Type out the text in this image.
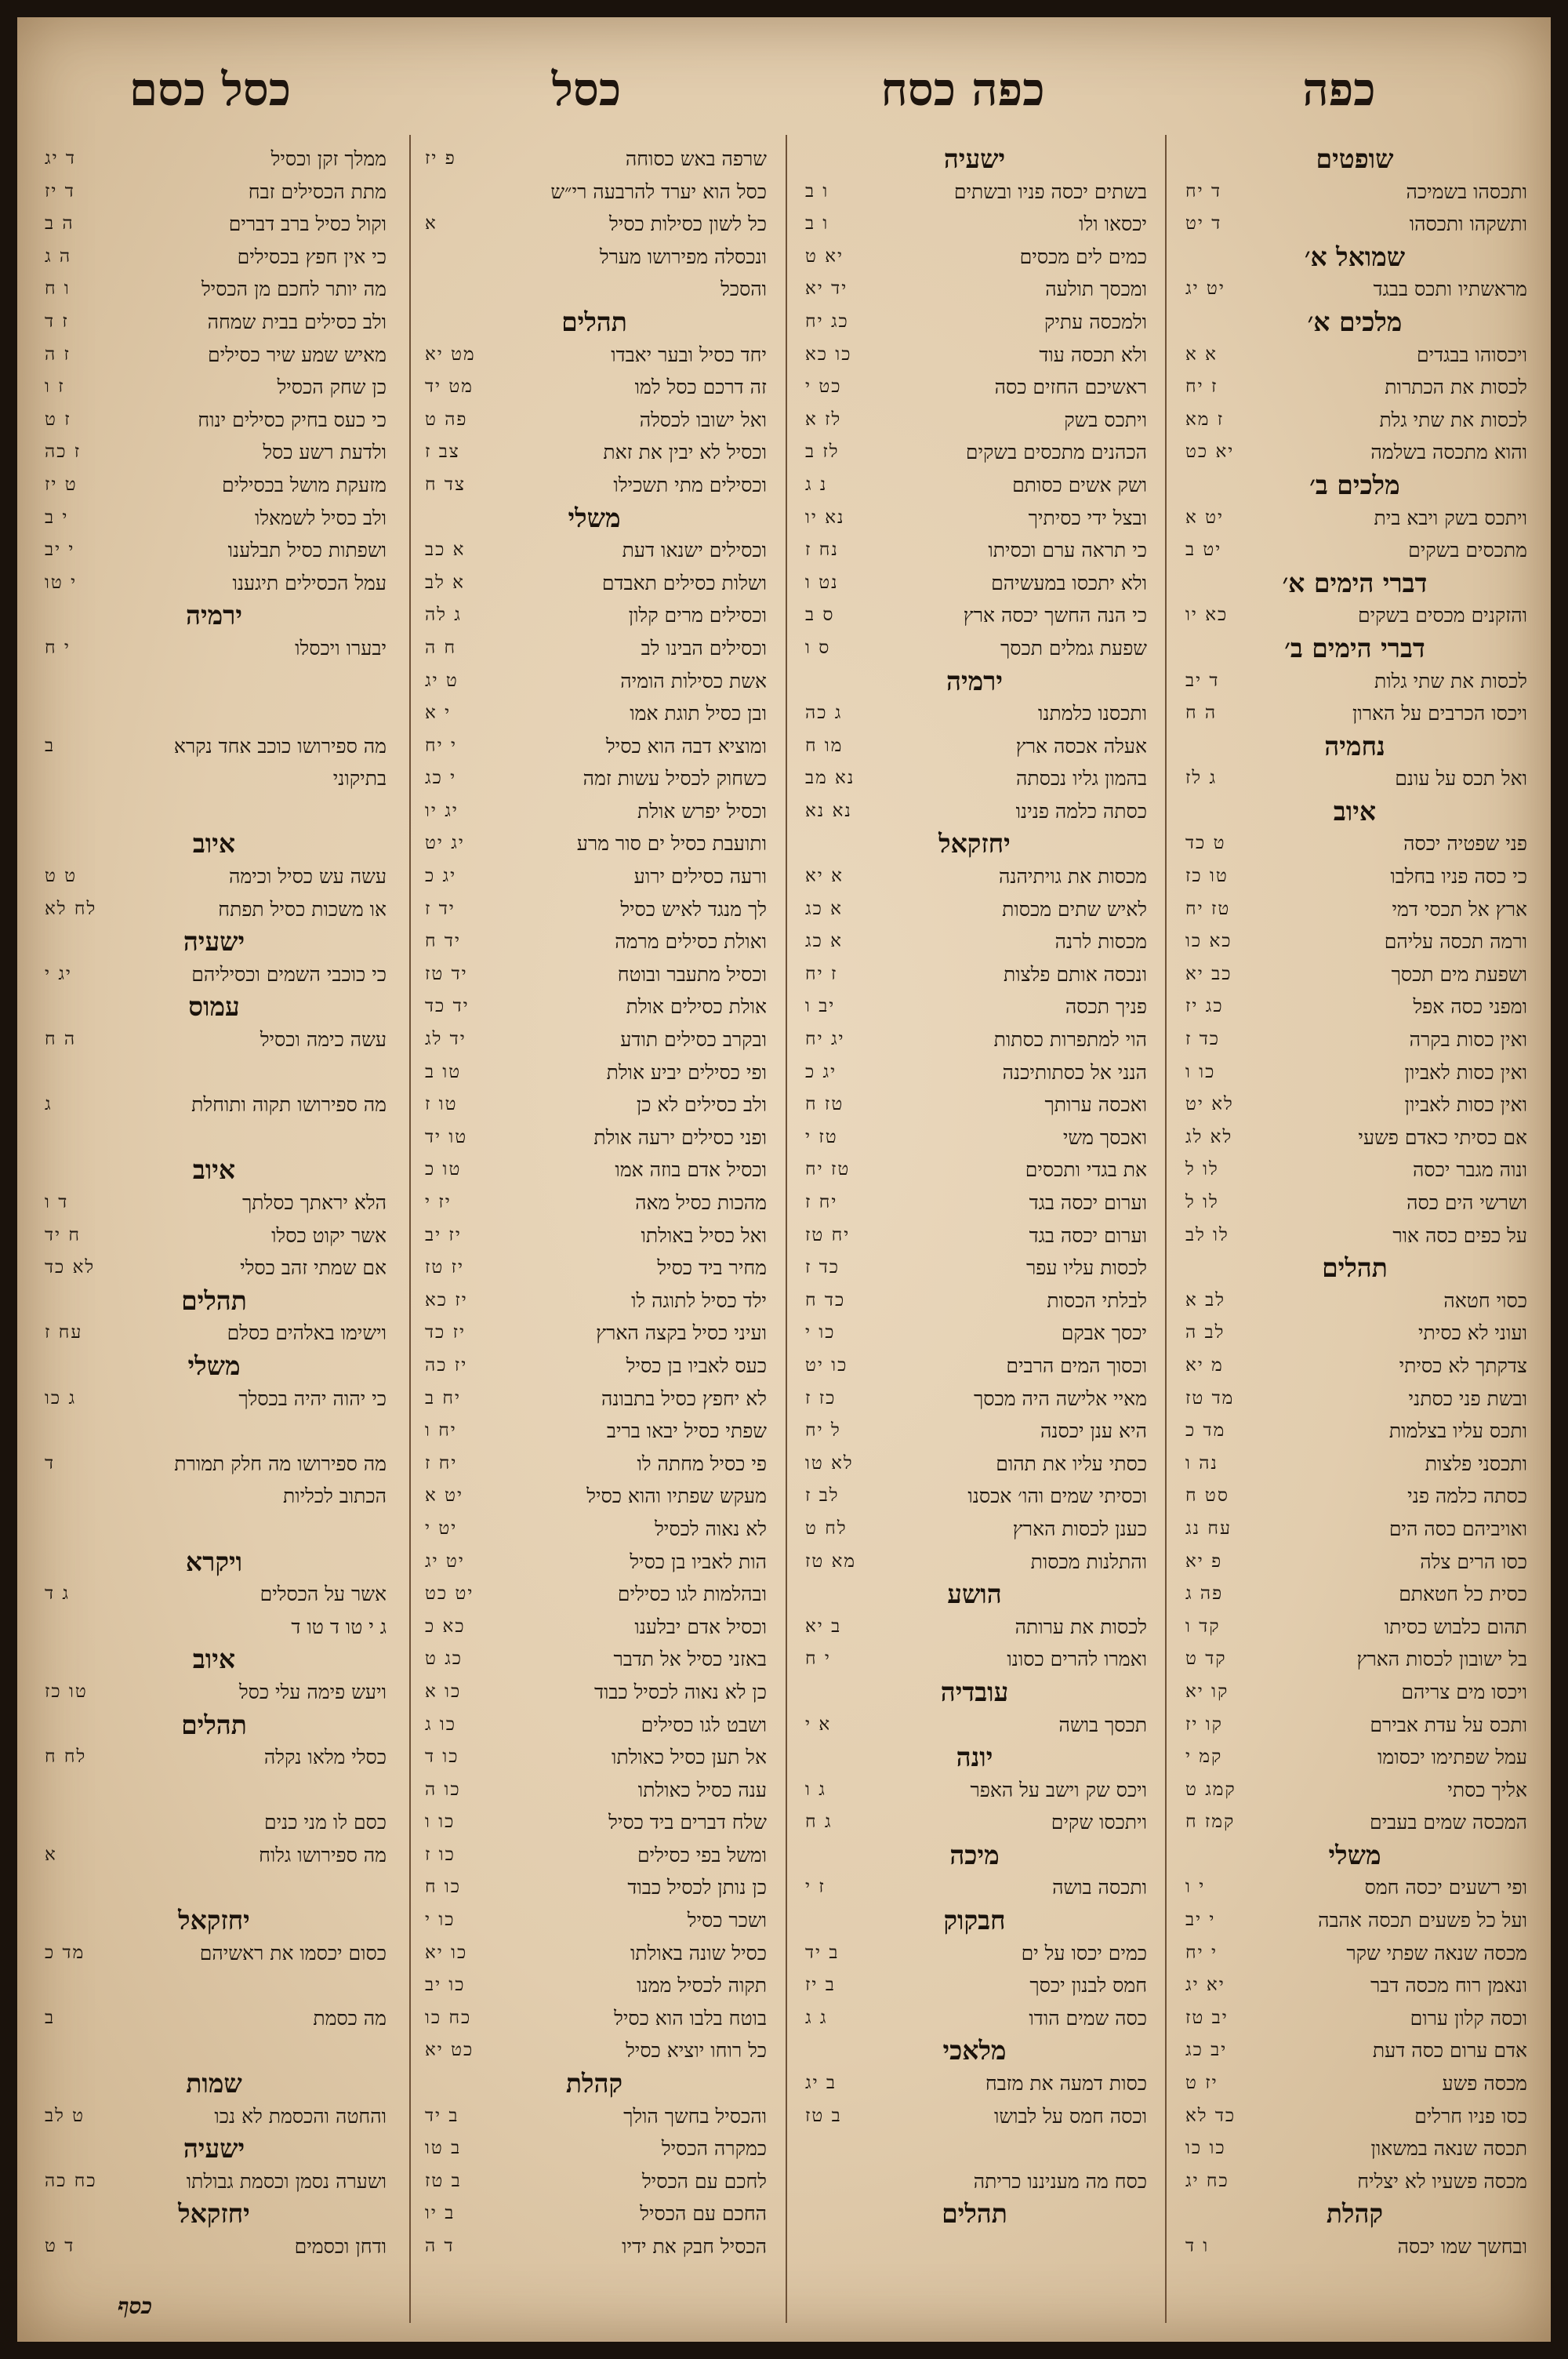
כפה
כפה כסח
כסל
כסל כסם
שופטים
ותכסהו בשמיכה
ד יח
ותשקהו ותכסהו
ד יט
שמואל א׳
מראשתיו ותכס בבגד
יט יג
מלכים א׳
ויכסוהו בבגדים
א א
לכסות את הכתרות
ז יח
לכסות את שתי גלת
ז מא
והוא מתכסה בשלמה
יא כט
מלכים ב׳
ויתכס בשק ויבא בית
יט א
מתכסים בשקים
יט ב
דברי הימים א׳
והזקנים מכסים בשקים
כא יו
דברי הימים ב׳
לכסות את שתי גלות
ד יב
ויכסו הכרבים על הארון
ה ח
נחמיה
ואל תכס על עונם
ג לז
איוב
פני שפטיה יכסה
ט כד
כי כסה פניו בחלבו
טו כז
ארץ אל תכסי דמי
טז יח
ורמה תכסה עליהם
כא כו
ושפעת מים תכסך
כב יא
ומפני כסה אפל
כג יז
ואין כסות בקרה
כד ז
ואין כסות לאביון
כו ו
ואין כסות לאביון
לא יט
אם כסיתי כאדם פשעי
לא לג
ונוה מגבר יכסה
לו ל
ושרשי הים כסה
לו ל
על כפים כסה אור
לו לב
תהלים
כסוי חטאה
לב א
ועוני לא כסיתי
לב ה
צדקתך לא כסיתי
מ יא
ובשת פני כסתני
מד טז
ותכס עליו בצלמות
מד כ
ותכסני פלצות
נה ו
כסתה כלמה פני
סט ח
ואויביהם כסה הים
עח נג
כסו הרים צלה
פ יא
כסית כל חטאתם
פה ג
תהום כלבוש כסיתו
קד ו
בל ישובון לכסות הארץ
קד ט
ויכסו מים צריהם
קו יא
ותכס על עדת אבירם
קו יז
עמל שפתימו יכסומו
קמ י
אליך כסתי
קמג ט
המכסה שמים בעבים
קמז ח
משלי
ופי רשעים יכסה חמס
י ו
ועל כל פשעים תכסה אהבה
י יב
מכסה שנאה שפתי שקר
י יח
ונאמן רוח מכסה דבר
יא יג
וכסה קלון ערום
יב טז
אדם ערום כסה דעת
יב כג
מכסה פשע
יז ט
כסו פניו חרלים
כד לא
תכסה שנאה במשאון
כו כו
מכסה פשעיו לא יצליח
כח יג
קהלת
ובחשך שמו יכסה
ו ד
ישעיה
בשתים יכסה פניו ובשתים
ו ב
יכסאו ולו
ו ב
כמים לים מכסים
יא ט
ומכסך תולעה
יד יא
ולמכסה עתיק
כג יח
ולא תכסה עוד
כו כא
ראשיכם החזים כסה
כט י
ויתכס בשק
לז א
הכהנים מתכסים בשקים
לז ב
ושק אשים כסותם
נ ג
ובצל ידי כסיתיך
נא יו
כי תראה ערם וכסיתו
נח ז
ולא יתכסו במעשיהם
נט ו
כי הנה החשך יכסה ארץ
ס ב
שפעת גמלים תכסך
ס ו
ירמיה
ותכסנו כלמתנו
ג כה
אעלה אכסה ארץ
מו ח
בהמון גליו נכסתה
נא מב
כסתה כלמה פנינו
נא נא
יחזקאל
מכסות את גויתיהנה
א יא
לאיש שתים מכסות
א כג
מכסות לרנה
א כג
ונכסה אותם פלצות
ז יח
פניך תכסה
יב ו
הוי למתפרות כסתות
יג יח
הנני אל כסתותיכנה
יג כ
ואכסה ערותך
טז ח
ואכסך משי
טז י
את בגדי ותכסים
טז יח
וערום יכסה בגד
יח ז
וערום יכסה בגד
יח טז
לכסות עליו עפר
כד ז
לבלתי הכסות
כד ח
יכסך אבקם
כו י
וכסוך המים הרבים
כו יט
מאיי אלישה היה מכסך
כז ז
היא ענן יכסנה
ל יח
כסתי עליו את תהום
לא טו
וכסיתי שמים והו׳ אכסנו
לב ז
כענן לכסות הארץ
לח ט
והתלנות מכסות
מא טז
הושע
לכסות את ערותה
ב יא
ואמרו להרים כסונו
י ח
עובדיה
תכסך בושה
א י
יונה
ויכס שק וישב על האפר
ג ו
ויתכסו שקים
ג ח
מיכה
ותכסה בושה
ז י
חבקוק
כמים יכסו על ים
ב יד
חמס לבנון יכסך
ב יז
כסה שמים הודו
ג ג
מלאכי
כסות דמעה את מזבח
ב יג
וכסה חמס על לבושו
ב טז
כסח מה מעניננו כריתה
תהלים
שרפה באש כסוחה
פ יז
כסל הוא יערד להרבעה רי״ש
כל לשון כסילות כסיל
א
ונכסלה מפירושו מערל
והסכל
תהלים
יחד כסיל ובער יאבדו
מט יא
זה דרכם כסל למו
מט יד
ואל ישובו לכסלה
פה ט
וכסיל לא יבין את זאת
צב ז
וכסילים מתי תשכילו
צד ח
משלי
וכסילים ישנאו דעת
א כב
ושלות כסילים תאבדם
א לב
וכסילים מרים קלון
ג לה
וכסילים הבינו לב
ח ה
אשת כסילות הומיה
ט יג
ובן כסיל תוגת אמו
י א
ומוציא דבה הוא כסיל
י יח
כשחוק לכסיל עשות זמה
י כג
וכסיל יפרש אולת
יג יו
ותועבת כסיל ים סור מרע
יג יט
ורעה כסילים ירוע
יג כ
לך מנגד לאיש כסיל
יד ז
ואולת כסילים מרמה
יד ח
וכסיל מתעבר ובוטח
יד טז
אולת כסילים אולת
יד כד
ובקרב כסילים תודע
יד לג
ופי כסילים יביע אולת
טו ב
ולב כסילים לא כן
טו ז
ופני כסילים ירעה אולת
טו יד
וכסיל אדם בוזה אמו
טו כ
מהכות כסיל מאה
יז י
ואל כסיל באולתו
יז יב
מחיר ביד כסיל
יז טז
ילד כסיל לתוגה לו
יז כא
ועיני כסיל בקצה הארץ
יז כד
כעס לאביו בן כסיל
יז כה
לא יחפץ כסיל בתבונה
יח ב
שפתי כסיל יבאו בריב
יח ו
פי כסיל מחתה לו
יח ז
מעקש שפתיו והוא כסיל
יט א
לא נאוה לכסיל
יט י
הות לאביו בן כסיל
יט יג
ובהלמות לגו כסילים
יט כט
וכסיל אדם יבלענו
כא כ
באזני כסיל אל תדבר
כג ט
כן לא נאוה לכסיל כבוד
כו א
ושבט לגו כסילים
כו ג
אל תען כסיל כאולתו
כו ד
ענה כסיל כאולתו
כו ה
שלח דברים ביד כסיל
כו ו
ומשל בפי כסילים
כו ז
כן נותן לכסיל כבוד
כו ח
ושכר כסיל
כו י
כסיל שונה באולתו
כו יא
תקוה לכסיל ממנו
כו יב
בוטח בלבו הוא כסיל
כח כו
כל רוחו יוציא כסיל
כט יא
קהלת
והכסיל בחשך הולך
ב יד
כמקרה הכסיל
ב טו
לחכם עם הכסיל
ב טז
החכם עם הכסיל
ב יו
הכסיל חבק את ידיו
ד ה
ממלך זקן וכסיל
ד יג
מתת הכסילים זבח
ד יז
וקול כסיל ברב דברים
ה ב
כי אין חפץ בכסילים
ה ג
מה יותר לחכם מן הכסיל
ו ח
ולב כסילים בבית שמחה
ז ד
מאיש שמע שיר כסילים
ז ה
כן שחק הכסיל
ז ו
כי כעס בחיק כסילים ינוח
ז ט
ולדעת רשע כסל
ז כה
מזעקת מושל בכסילים
ט יז
ולב כסיל לשמאלו
י ב
ושפתות כסיל תבלענו
י יב
עמל הכסילים תיגענו
י טו
ירמיה
יבערו ויכסלו
י ח
מה ספירושו כוכב אחד נקרא
ב
בתיקוני
איוב
עשה עש כסיל וכימה
ט ט
או משכות כסיל תפתח
לח לא
ישעיה
כי כוכבי השמים וכסיליהם
יג י
עמוס
עשה כימה וכסיל
ה ח
מה ספירושו תקוה ותוחלת
ג
איוב
הלא יראתך כסלתך
ד ו
אשר יקוט כסלו
ח יד
אם שמתי זהב כסלי
לא כד
תהלים
וישימו באלהים כסלם
עח ז
משלי
כי יהוה יהיה בכסלך
ג כו
מה ספירושו מה חלק תמורת
ד
הכתוב לכליות
ויקרא
אשר על הכסלים
ג ד
ג י טו ד טו ד
איוב
ויעש פימה עלי כסל
טו כז
תהלים
כסלי מלאו נקלה
לח ח
כסם לו מני כנים
מה ספירושו גלוח
א
יחזקאל
כסום יכסמו את ראשיהם
מד כ
מה כסמת
ב
שמות
והחטה והכסמת לא נכו
ט לב
ישעיה
ושערה נסמן וכסמת גבולתו
כח כה
יחזקאל
ודחן וכסמים
ד ט
כסף
